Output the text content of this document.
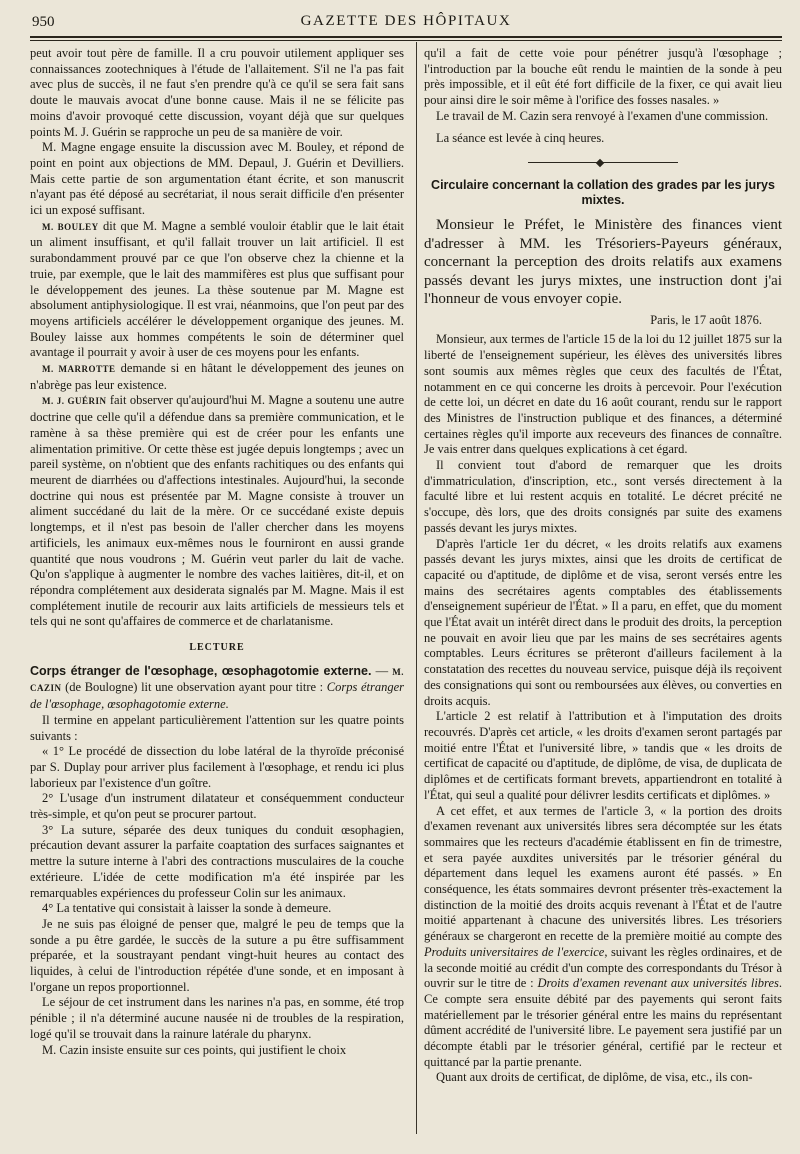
950	GAZETTE DES HÔPITAUX

peut avoir tout père de famille. Il a cru pouvoir utilement appliquer ses connaissances zootechniques à l'étude de l'allaitement. S'il ne l'a pas fait avec plus de succès, il ne faut s'en prendre qu'à ce qu'il se sera fait sans doute le mauvais avocat d'une bonne cause. Mais il ne se félicite pas moins d'avoir provoqué cette discussion, voyant déjà que sur quelques points M. J. Guérin se rapproche un peu de sa manière de voir.

M. Magne engage ensuite la discussion avec M. Bouley, et répond de point en point aux objections de MM. Depaul, J. Guérin et Devilliers. Mais cette partie de son argumentation étant écrite, et son manuscrit n'ayant pas été déposé au secrétariat, il nous serait difficile d'en présenter ici un exposé suffisant.

M. BOULEY dit que M. Magne a semblé vouloir établir que le lait était un aliment insuffisant, et qu'il fallait trouver un lait artificiel. Il est surabondamment prouvé par ce que l'on observe chez la chienne et la truie, par exemple, que le lait des mammifères est plus que suffisant pour le développement des jeunes. La thèse soutenue par M. Magne est absolument antiphysiologique. Il est vrai, néanmoins, que l'on peut par des moyens artificiels accélérer le développement organique des jeunes. M. Bouley laisse aux hommes compétents le soin de déterminer quel avantage il pourrait y avoir à user de ces moyens pour les enfants.

M. MARROTTE demande si en hâtant le développement des jeunes on n'abrège pas leur existence.

M. J. GUÉRIN fait observer qu'aujourd'hui M. Magne a soutenu une autre doctrine que celle qu'il a défendue dans sa première communication, et le ramène à sa thèse première qui est de créer pour les enfants une alimentation primitive. Or cette thèse est jugée depuis longtemps ; avec un pareil système, on n'obtient que des enfants rachitiques ou des enfants qui meurent de diarrhées ou d'affections intestinales. Aujourd'hui, la seconde doctrine qui nous est présentée par M. Magne consiste à trouver un aliment succédané du lait de la mère. Or ce succédané existe depuis longtemps, et il n'est pas besoin de l'aller chercher dans les moyens artificiels, les animaux eux-mêmes nous le fourniront en aussi grande quantité que nous voudrons ; M. Guérin veut parler du lait de vache. Qu'on s'applique à augmenter le nombre des vaches laitières, dit-il, et on répondra complétement aux desiderata signalés par M. Magne. Mais il est complétement inutile de recourir aux laits artificiels de messieurs tels et tels qui ne sont qu'affaires de commerce et de charlatanisme.

LECTURE

Corps étranger de l'œsophage, œsophagotomie externe. — M. CAZIN (de Boulogne) lit une observation ayant pour titre : Corps étranger de l'œsophage, œsophagotomie externe.

Il termine en appelant particulièrement l'attention sur les quatre points suivants :

« 1° Le procédé de dissection du lobe latéral de la thyroïde préconisé par S. Duplay pour arriver plus facilement à l'œsophage, et rendu ici plus laborieux par l'existence d'un goître.

2° L'usage d'un instrument dilatateur et conséquemment conducteur très-simple, et qu'on peut se procurer partout.

3° La suture, séparée des deux tuniques du conduit œsophagien, précaution devant assurer la parfaite coaptation des surfaces saignantes et mettre la suture interne à l'abri des contractions musculaires de la couche extérieure. L'idée de cette modification m'a été inspirée par les remarquables expériences du professeur Colin sur les animaux.

4° La tentative qui consistait à laisser la sonde à demeure.

Je ne suis pas éloigné de penser que, malgré le peu de temps que la sonde a pu être gardée, le succès de la suture a pu être suffisamment préparée, et la soustrayant pendant vingt-huit heures au contact des liquides, à celui de l'introduction répétée d'une sonde, et en imposant à l'organe un repos proportionnel.

Le séjour de cet instrument dans les narines n'a pas, en somme, été trop pénible ; il n'a déterminé aucune nausée ni de troubles de la respiration, logé qu'il se trouvait dans la rainure latérale du pharynx.

M. Cazin insiste ensuite sur ces points, qui justifient le choix

qu'il a fait de cette voie pour pénétrer jusqu'à l'œsophage ; l'introduction par la bouche eût rendu le maintien de la sonde à peu près impossible, et il eût été fort difficile de la fixer, ce qui avait lieu pour ainsi dire le soir même à l'orifice des fosses nasales. »

Le travail de M. Cazin sera renvoyé à l'examen d'une commission.

La séance est levée à cinq heures.

Circulaire concernant la collation des grades par les jurys mixtes.

Monsieur le Préfet, le Ministère des finances vient d'adresser à MM. les Trésoriers-Payeurs généraux, concernant la perception des droits relatifs aux examens passés devant les jurys mixtes, une instruction dont j'ai l'honneur de vous envoyer copie.

Paris, le 17 août 1876.

Monsieur, aux termes de l'article 15 de la loi du 12 juillet 1875 sur la liberté de l'enseignement supérieur, les élèves des universités libres sont soumis aux mêmes règles que ceux des facultés de l'État, notamment en ce qui concerne les droits à percevoir. Pour l'exécution de cette loi, un décret en date du 16 août courant, rendu sur le rapport des Ministres de l'instruction publique et des finances, a déterminé certaines règles qu'il importe aux receveurs des finances de connaître. Je vais entrer dans quelques explications à cet égard.

Il convient tout d'abord de remarquer que les droits d'immatriculation, d'inscription, etc., sont versés directement à la faculté libre et lui restent acquis en totalité. Le décret précité ne s'occupe, dès lors, que des droits consignés par suite des examens passés devant les jurys mixtes.

D'après l'article 1er du décret, « les droits relatifs aux examens passés devant les jurys mixtes, ainsi que les droits de certificat de capacité ou d'aptitude, de diplôme et de visa, seront versés entre les mains des secrétaires agents comptables des établissements d'enseignement supérieur de l'État. » Il a paru, en effet, que du moment que l'État avait un intérêt direct dans le produit des droits, la perception ne pouvait en avoir lieu que par les mains de ses secrétaires agents comptables. Leurs écritures se prêteront d'ailleurs facilement à la constatation des recettes du nouveau service, puisque déjà ils reçoivent des consignations qui sont ou remboursées aux élèves, ou converties en droits acquis.

L'article 2 est relatif à l'attribution et à l'imputation des droits recouvrés. D'après cet article, « les droits d'examen seront partagés par moitié entre l'État et l'université libre, » tandis que « les droits de certificat de capacité ou d'aptitude, de diplôme, de visa, de duplicata de diplômes et de certificats formant brevets, appartiendront en totalité à l'État, qui seul a qualité pour délivrer lesdits certificats et diplômes. »

A cet effet, et aux termes de l'article 3, « la portion des droits d'examen revenant aux universités libres sera décomptée sur les états sommaires que les recteurs d'académie établissent en fin de trimestre, et sera payée auxdites universités par le trésorier général du département dans lequel les examens auront été passés. » En conséquence, les états sommaires devront présenter très-exactement la distinction de la moitié des droits acquis revenant à l'État et de l'autre moitié appartenant à chacune des universités libres. Les trésoriers généraux se chargeront en recette de la première moitié au compte des Produits universitaires de l'exercice, suivant les règles ordinaires, et de la seconde moitié au crédit d'un compte des correspondants du Trésor à ouvrir sur le titre de : Droits d'examen revenant aux universités libres. Ce compte sera ensuite débité par des payements qui seront faits matériellement par le trésorier général entre les mains du représentant dûment accrédité de l'université libre. Le payement sera justifié par un décompte établi par le trésorier général, certifié par le recteur et quittancé par la partie prenante.

Quant aux droits de certificat, de diplôme, de visa, etc., ils con-
